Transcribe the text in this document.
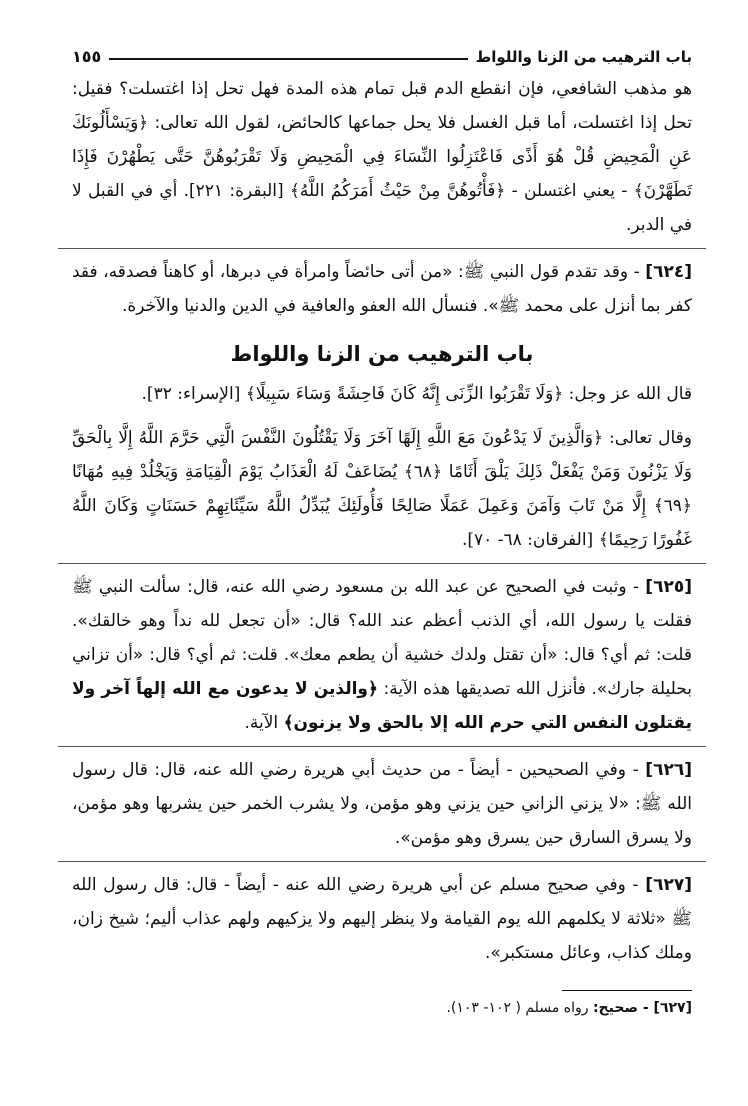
باب الترهيب من الزنا واللواط
١٥٥

هو مذهب الشافعي، فإن انقطع الدم قبل تمام هذه المدة فهل تحل إذا اغتسلت؟ فقيل: تحل إذا اغتسلت، أما قبل الغسل فلا يحل جماعها كالحائض، لقول الله تعالى: ﴿وَيَسْأَلُونَكَ عَنِ الْمَحِيضِ قُلْ هُوَ أَذًى فَاعْتَزِلُوا النِّسَاءَ فِي الْمَحِيضِ وَلَا تَقْرَبُوهُنَّ حَتَّى يَطْهُرْنَ فَإِذَا تَطَهَّرْنَ﴾ - يعني اغتسلن - ﴿فَأْتُوهُنَّ مِنْ حَيْثُ أَمَرَكُمُ اللَّهُ﴾ [البقرة: ٢٢١]. أي في القبل لا في الدبر.

[٦٢٤] - وقد تقدم قول النبي ﷺ: «من أتى حائضاً وامرأة في دبرها، أو كاهناً فصدقه، فقد كفر بما أنزل على محمد ﷺ». فنسأل الله العفو والعافية في الدين والدنيا والآخرة.

باب الترهيب من الزنا واللواط

قال الله عز وجل: ﴿وَلَا تَقْرَبُوا الزِّنَى إِنَّهُ كَانَ فَاحِشَةً وَسَاءَ سَبِيلًا﴾ [الإسراء: ٣٢].

وقال تعالى: ﴿وَالَّذِينَ لَا يَدْعُونَ مَعَ اللَّهِ إِلَهًا آخَرَ وَلَا يَقْتُلُونَ النَّفْسَ الَّتِي حَرَّمَ اللَّهُ إِلَّا بِالْحَقِّ وَلَا يَزْنُونَ وَمَنْ يَفْعَلْ ذَلِكَ يَلْقَ أَثَامًا ﴿٦٨﴾ يُضَاعَفْ لَهُ الْعَذَابُ يَوْمَ الْقِيَامَةِ وَيَخْلُدْ فِيهِ مُهَانًا ﴿٦٩﴾ إِلَّا مَنْ تَابَ وَآمَنَ وَعَمِلَ عَمَلًا صَالِحًا فَأُولَئِكَ يُبَدِّلُ اللَّهُ سَيِّئَاتِهِمْ حَسَنَاتٍ وَكَانَ اللَّهُ غَفُورًا رَحِيمًا﴾ [الفرقان: ٦٨- ٧٠].

[٦٢٥] - وثبت في الصحيح عن عبد الله بن مسعود رضي الله عنه، قال: سألت النبي ﷺ فقلت يا رسول الله، أي الذنب أعظم عند الله؟ قال: «أن تجعل لله نداً وهو خالقك». قلت: ثم أي؟ قال: «أن تقتل ولدك خشية أن يطعم معك». قلت: ثم أي؟ قال: «أن تزاني بحليلة جارك». فأنزل الله تصديقها هذه الآية: ﴿والذين لا يدعون مع الله إلهاً آخر ولا يقتلون النفس التي حرم الله إلا بالحق ولا يزنون﴾ الآية.

[٦٢٦] - وفي الصحيحين - أيضاً - من حديث أبي هريرة رضي الله عنه، قال: قال رسول الله ﷺ: «لا يزني الزاني حين يزني وهو مؤمن، ولا يشرب الخمر حين يشربها وهو مؤمن، ولا يسرق السارق حين يسرق وهو مؤمن».

[٦٢٧] - وفي صحيح مسلم عن أبي هريرة رضي الله عنه - أيضاً - قال: قال رسول الله ﷺ «ثلاثة لا يكلمهم الله يوم القيامة ولا ينظر إليهم ولا يزكيهم ولهم عذاب أليم؛ شيخ زان، وملك كذاب، وعائل مستكبر».

[٦٢٧] - صحيح: رواه مسلم ( ١٠٢- ١٠٣).
